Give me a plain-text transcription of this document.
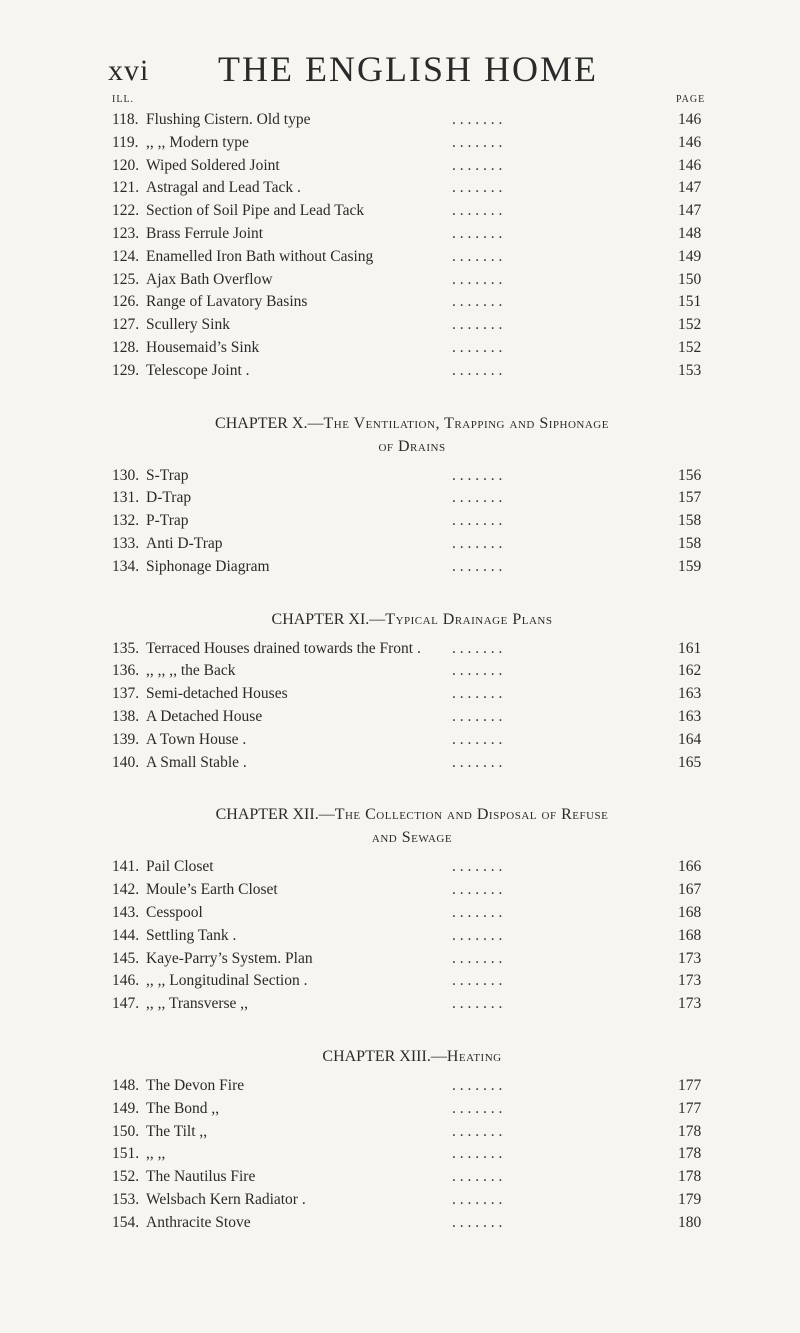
xvi	THE ENGLISH HOME
ILL.	PAGE
118. Flushing Cistern. Old type	. . . . . . .	146
119. ,, ,, Modern type	. . . . . . .	146
120. Wiped Soldered Joint	. . . . . . .	146
121. Astragal and Lead Tack .	. . . . . . .	147
122. Section of Soil Pipe and Lead Tack	. . . . . . .	147
123. Brass Ferrule Joint	. . . . . . .	148
124. Enamelled Iron Bath without Casing	. . . . . . .	149
125. Ajax Bath Overflow	. . . . . . .	150
126. Range of Lavatory Basins	. . . . . . .	151
127. Scullery Sink	. . . . . . .	152
128. Housemaid’s Sink	. . . . . . .	152
129. Telescope Joint .	. . . . . . .	153
CHAPTER X.—The Ventilation, Trapping and Siphonage
of Drains
130. S-Trap	. . . . . . .	156
131. D-Trap	. . . . . . .	157
132. P-Trap	. . . . . . .	158
133. Anti D-Trap	. . . . . . .	158
134. Siphonage Diagram	. . . . . . .	159
CHAPTER XI.—Typical Drainage Plans
135. Terraced Houses drained towards the Front . . . . . . . .	161
136. ,, ,, ,, the Back	. . . . . . .	162
137. Semi-detached Houses	. . . . . . .	163
138. A Detached House	. . . . . . .	163
139. A Town House .	. . . . . . .	164
140. A Small Stable .	. . . . . . .	165
CHAPTER XII.—The Collection and Disposal of Refuse
and Sewage
141. Pail Closet	. . . . . . .	166
142. Moule’s Earth Closet	. . . . . . .	167
143. Cesspool	. . . . . . .	168
144. Settling Tank .	. . . . . . .	168
145. Kaye-Parry’s System. Plan	. . . . . . .	173
146. ,, ,, Longitudinal Section .	. . . . . . .	173
147. ,, ,, Transverse ,,	. . . . . . .	173
CHAPTER XIII.—Heating
148. The Devon Fire	. . . . . . .	177
149. The Bond ,,	. . . . . . .	177
150. The Tilt ,,	. . . . . . .	178
151. ,, ,,	. . . . . . .	178
152. The Nautilus Fire	. . . . . . .	178
153. Welsbach Kern Radiator .	. . . . . . .	179
154. Anthracite Stove	. . . . . . .	180
